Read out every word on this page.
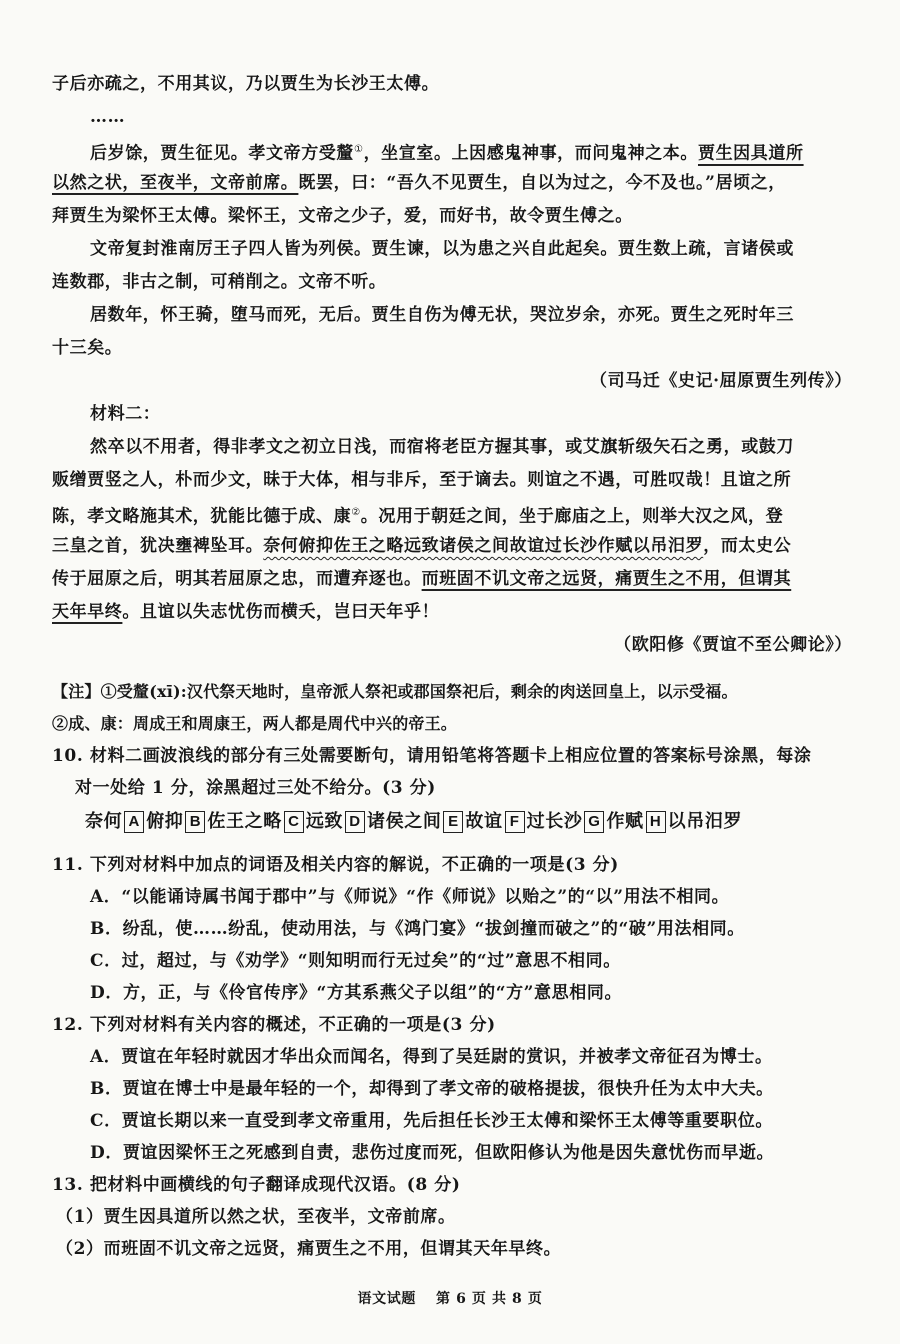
子后亦疏之，不用其议，乃以贾生为长沙王太傅。
……
后岁馀，贾生征见。孝文帝方受釐①，坐宣室。上因感鬼神事，而问鬼神之本。贾生因具道所
以然之状，至夜半，文帝前席。既罢，曰：“吾久不见贾生，自以为过之，今不及也。”居顷之，
拜贾生为梁怀王太傅。梁怀王，文帝之少子，爱，而好书，故令贾生傅之。
文帝复封淮南厉王子四人皆为列侯。贾生谏，以为患之兴自此起矣。贾生数上疏，言诸侯或
连数郡，非古之制，可稍削之。文帝不听。
居数年，怀王骑，堕马而死，无后。贾生自伤为傅无状，哭泣岁余，亦死。贾生之死时年三
十三矣。
（司马迁《史记·屈原贾生列传》）
材料二：
然卒以不用者，得非孝文之初立日浅，而宿将老臣方握其事，或艾旗斩级矢石之勇，或鼓刀
贩缯贾竖之人，朴而少文，昧于大体，相与非斥，至于谪去。则谊之不遇，可胜叹哉！且谊之所
陈，孝文略施其术，犹能比德于成、康②。况用于朝廷之间，坐于廊庙之上，则举大汉之风，登
三皇之首，犹决壅裨坠耳。奈何俯抑佐王之略远致诸侯之间故谊过长沙作赋以吊汨罗，而太史公
传于屈原之后，明其若屈原之忠，而遭弃逐也。而班固不讥文帝之远贤，痛贾生之不用，但谓其
天年早终。且谊以失志忧伤而横夭，岂曰天年乎！
（欧阳修《贾谊不至公卿论》）
【注】①受釐(xī):汉代祭天地时，皇帝派人祭祀或郡国祭祀后，剩余的肉送回皇上，以示受福。
②成、康：周成王和周康王，两人都是周代中兴的帝王。
10. 材料二画波浪线的部分有三处需要断句，请用铅笔将答题卡上相应位置的答案标号涂黑，每涂
对一处给 1 分，涂黑超过三处不给分。(3 分)
奈何 A 俯抑 B 佐王之略 C 远致 D 诸侯之间 E 故谊 F 过长沙 G 作赋 H 以吊汨罗
11. 下列对材料中加点的词语及相关内容的解说，不正确的一项是(3 分)
A．“以能诵诗属书闻于郡中”与《师说》“作《师说》以贻之”的“以”用法不相同。
B．纷乱，使……纷乱，使动用法，与《鸿门宴》“拔剑撞而破之”的“破”用法相同。
C．过，超过，与《劝学》“则知明而行无过矣”的“过”意思不相同。
D．方，正，与《伶官传序》“方其系燕父子以组”的“方”意思相同。
12. 下列对材料有关内容的概述，不正确的一项是(3 分)
A．贾谊在年轻时就因才华出众而闻名，得到了吴廷尉的赏识，并被孝文帝征召为博士。
B．贾谊在博士中是最年轻的一个，却得到了孝文帝的破格提拔，很快升任为太中大夫。
C．贾谊长期以来一直受到孝文帝重用，先后担任长沙王太傅和梁怀王太傅等重要职位。
D．贾谊因梁怀王之死感到自责，悲伤过度而死，但欧阳修认为他是因失意忧伤而早逝。
13. 把材料中画横线的句子翻译成现代汉语。(8 分)
（1）贾生因具道所以然之状，至夜半，文帝前席。
（2）而班固不讥文帝之远贤，痛贾生之不用，但谓其天年早终。
语文试题　 第 6 页 共 8 页
